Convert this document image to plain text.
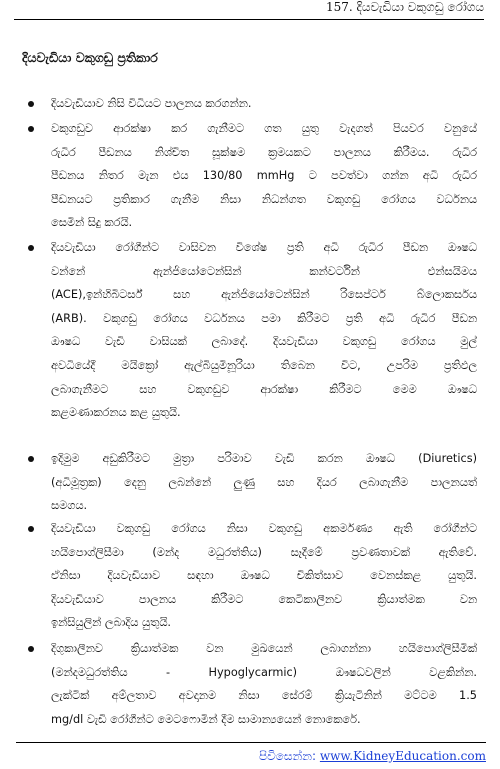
157. දියවැඩියා වකුගඩු රෝගය
දියවැඩියා වකුගඩු ප්‍රතිකාර
දියවැඩියාව නිසි විධියට පාලනය කරගන්න.
වකුගඩුව ආරක්ෂා කර ගැනීමට ගත යුතු වැදගත් පියවර වනුයේ
රුධිර පීඩනය නිශ්චිත සූක්ෂම ක්‍රමයකට පාලනය කිරීමය. රුධිර
පීඩනය නිතර මැන එය 130/80 mmHg ට පවත්වා ගන්න අධි රුධිර
පීඩනයට ප්‍රතිකාර ගැනීම නිසා නිධන්ගත වකුගඩු රෝගය වර්ධනය
සෙමින් සිදු කරයි.
දියවැඩියා රෝගීන්ට වාසිවන විශේෂ ප්‍රති අධි රුධිර පීඩන ඖෂධ
වන්නේ ඇන්ජියෝටෙන්සින් කන්වර්ටින් එන්සයිමය
(ACE),ඉන්හිබිටර්ස් සහ ඇන්ජියෝටෙන්සින් රිසෙප්ටර් බ්ලොකර්සය
(ARB). වකුගඩු රෝගය වර්ධනය පමා කිරීමට ප්‍රති අධි රුධිර පීඩන
ඖෂධ වැඩි වාසියක් ලබාදේ. දියවැඩියා වකුගඩු රෝගය මුල්
අවධියේදී මයික්‍රෝ ඇල්බියුමිනූරියා තිබෙන විට, උපරිම ප්‍රතිඵල
ලබාගැනීමට සහ වකුගඩුව ආරක්ෂා කිරීමට මෙම ඖෂධ
කළමණාකරනය කළ යුතුයි.
ඉදිමුම අඩුකිරීමට මුත්‍රා පරිමාව වැඩි කරන ඖෂධ (Diuretics)
(අධිමූත්‍රක) දෙනු ලබන්නේ ලුණු සහ දියර ලබාගැනීම පාලනයත්
සමගය.
දියවැඩියා වකුගඩු රෝගය නිසා වකුගඩු අකර්මණ්‍ය ඇති රෝගීන්ට
හයිපොග්ලිසීමා (මන්ද මධුරත්තිය) සෑදීමේ ප්‍රවණතාවක් ඇතිවේ.
ඒනිසා දියවැඩියාව සඳහා ඖෂධ චිකිත්සාව වෙනස්කළ යුතුයි.
දියවැඩියාව පාලනය කිරීමට කෙටිකාලීනව ක්‍රියාත්මක වන
ඉන්සියුලින් ලබාදිය යුතුයි.
දිගුකාලීනව ක්‍රියාත්මක වන මුඛයෙන් ලබාගන්නා හයිපොග්ලිසීමික්
(මන්දමධුරත්තිය - Hypoglycarmic) ඖෂධවලින් වළකින්න.
ලැක්ටික් අම්ලතාව අවදානම නිසා සේරම් ක්‍රියැටිනින් මට්ටම 1.5
mg/dl වැඩි රෝගීන්ට මෙටෆොමින් දීම සාමාන්‍යයෙන් නොකෙරේ.
පිවිසෙන්න: www.KidneyEducation.com
